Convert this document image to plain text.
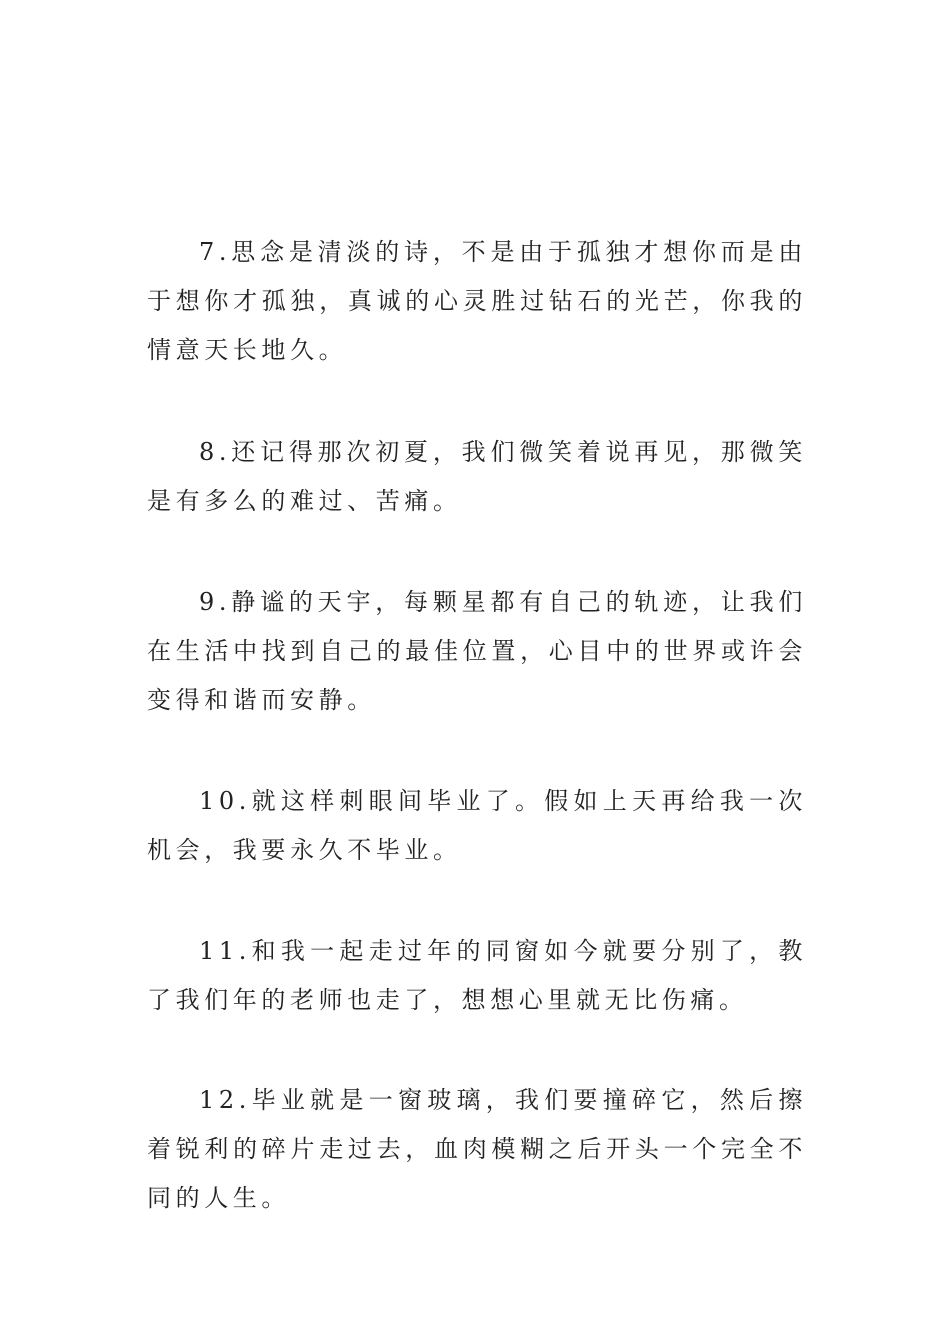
7.思念是清淡的诗，不是由于孤独才想你而是由于想你才孤独，真诚的心灵胜过钻石的光芒，你我的情意天长地久。

8.还记得那次初夏，我们微笑着说再见，那微笑是有多么的难过、苦痛。

9.静谧的天宇，每颗星都有自己的轨迹，让我们在生活中找到自己的最佳位置，心目中的世界或许会变得和谐而安静。

10.就这样刺眼间毕业了。假如上天再给我一次机会，我要永久不毕业。

11.和我一起走过年的同窗如今就要分别了，教了我们年的老师也走了，想想心里就无比伤痛。

12.毕业就是一窗玻璃，我们要撞碎它，然后擦着锐利的碎片走过去，血肉模糊之后开头一个完全不同的人生。
